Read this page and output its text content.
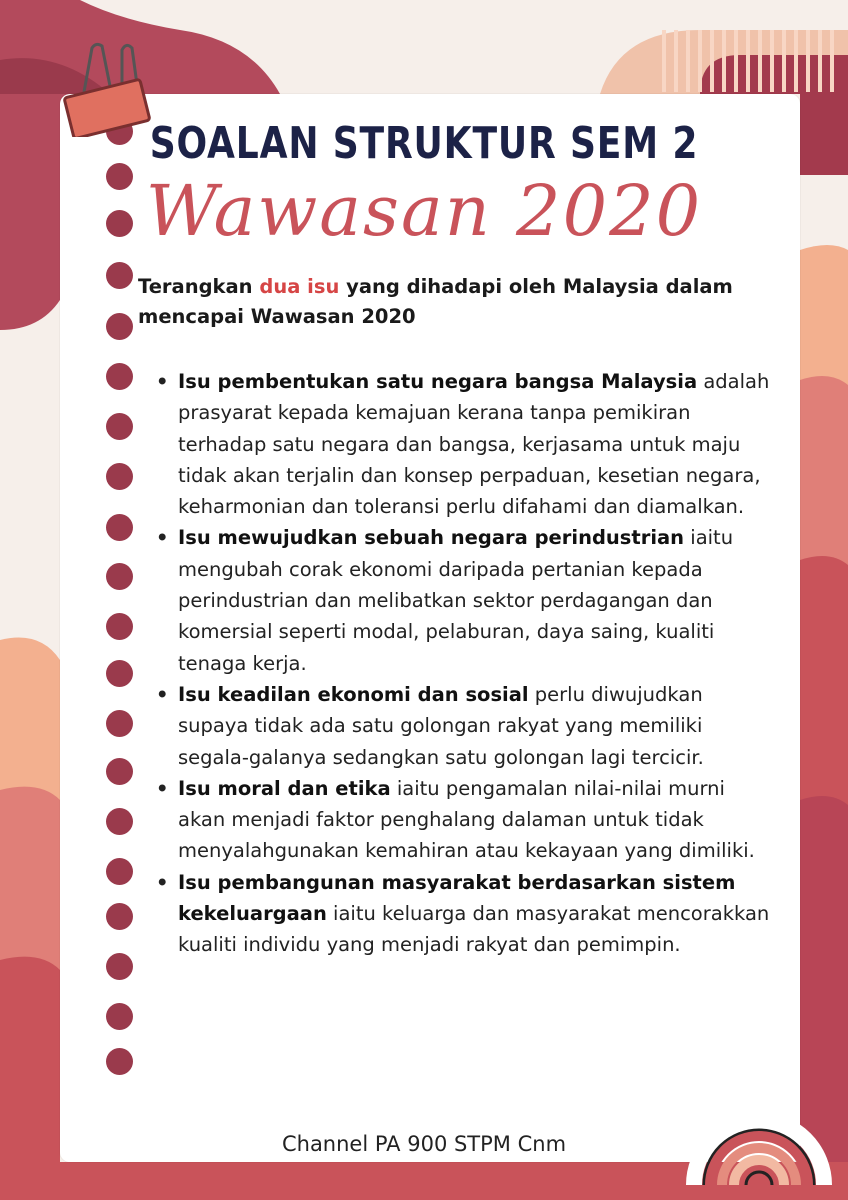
SOALAN STRUKTUR SEM 2
Wawasan 2020
Terangkan dua isu yang dihadapi oleh Malaysia dalam mencapai Wawasan 2020
• Isu pembentukan satu negara bangsa Malaysia adalah prasyarat kepada kemajuan kerana tanpa pemikiran terhadap satu negara dan bangsa, kerjasama untuk maju tidak akan terjalin dan konsep perpaduan, kesetian negara, keharmonian dan toleransi perlu difahami dan diamalkan.
• Isu mewujudkan sebuah negara perindustrian iaitu mengubah corak ekonomi daripada pertanian kepada perindustrian dan melibatkan sektor perdagangan dan komersial seperti modal, pelaburan, daya saing, kualiti tenaga kerja.
• Isu keadilan ekonomi dan sosial perlu diwujudkan supaya tidak ada satu golongan rakyat yang memiliki segala-galanya sedangkan satu golongan lagi tercicir.
• Isu moral dan etika iaitu pengamalan nilai-nilai murni akan menjadi faktor penghalang dalaman untuk tidak menyalahgunakan kemahiran atau kekayaan yang dimiliki.
• Isu pembangunan masyarakat berdasarkan sistem kekeluargaan iaitu keluarga dan masyarakat mencorakkan kualiti individu yang menjadi rakyat dan pemimpin.
Channel PA 900 STPM Cnm
